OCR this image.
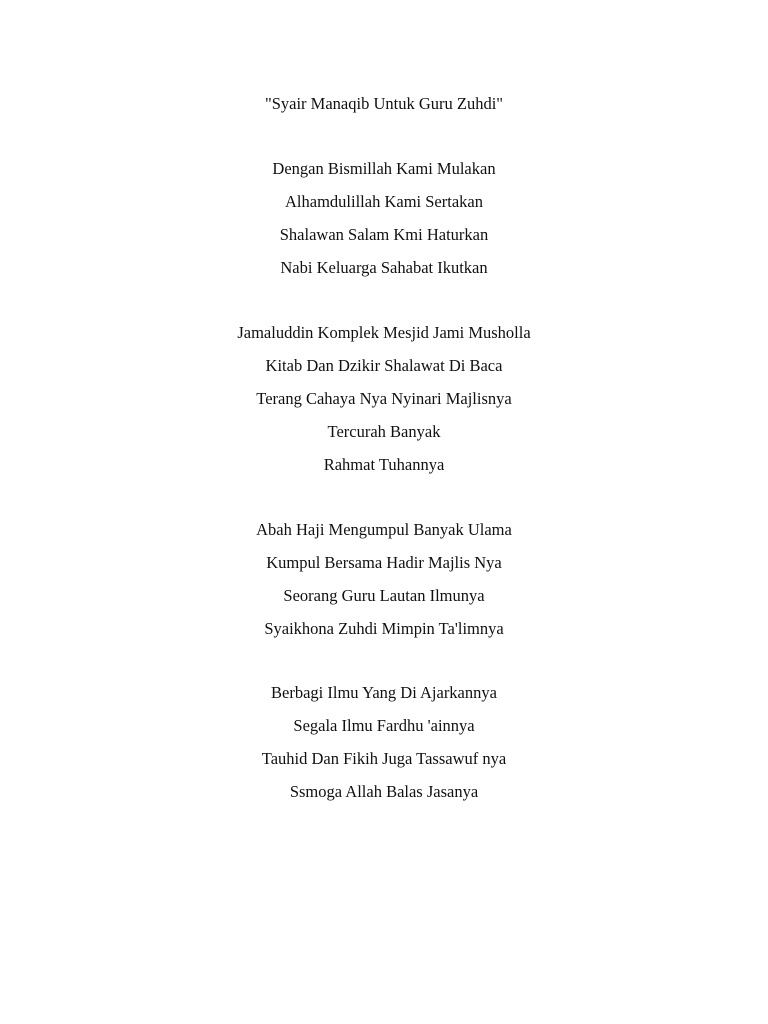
"Syair Manaqib Untuk Guru Zuhdi"
Dengan Bismillah Kami Mulakan
Alhamdulillah Kami Sertakan
Shalawan Salam Kmi Haturkan
Nabi Keluarga Sahabat Ikutkan
Jamaluddin Komplek Mesjid Jami Musholla
Kitab Dan Dzikir Shalawat Di Baca
Terang Cahaya Nya Nyinari Majlisnya
Tercurah Banyak
Rahmat Tuhannya
Abah Haji Mengumpul Banyak Ulama
Kumpul Bersama Hadir Majlis Nya
Seorang Guru Lautan Ilmunya
Syaikhona Zuhdi Mimpin Ta'limnya
Berbagi Ilmu Yang Di Ajarkannya
Segala Ilmu Fardhu 'ainnya
Tauhid Dan Fikih Juga Tassawuf nya
Ssmoga Allah Balas Jasanya
